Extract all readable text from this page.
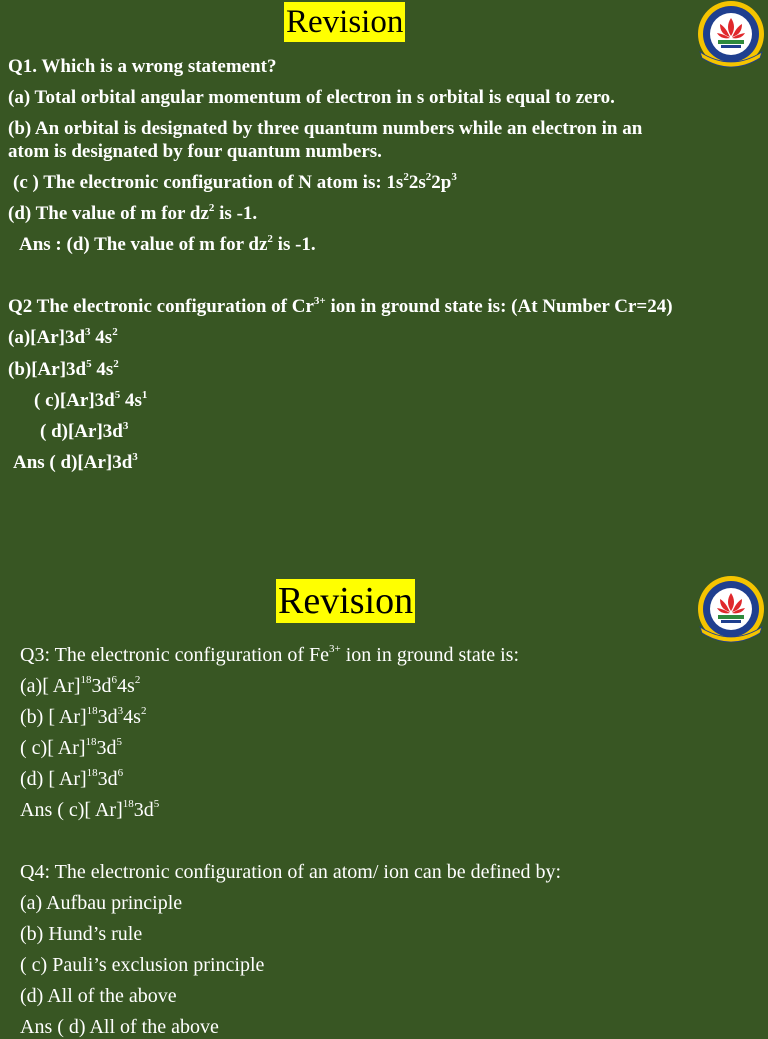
Revision
Q1. Which is a wrong statement?
(a) Total orbital angular momentum of electron in s orbital is equal to zero.
(b) An orbital is designated by three quantum numbers while an electron in an
atom is designated by four quantum numbers.
(c ) The electronic configuration of N atom is: $1s^22s^22p^3$
(d) The value of m for $dz^2$ is -1.
Ans : (d) The value of m for $dz^2$ is -1.
Q2 The electronic configuration of $Cr^{3+}$ ion in ground state is: (At Number Cr=24)
$(a)[Ar]3d^3$ $4s^2$
$(b)[Ar]3d^5$ $4s^2$
( $c)[Ar]3d^5$ $4s^1$
( $d)[Ar]3d^3$
Ans ( $d)[Ar]3d^3$
Revision
Q3: The electronic configuration of $Fe^{3+}$ ion in ground state is:
(a)[ $Ar]^{18}3d^64s^2$
(b) [ $Ar]^{18}3d^34s^2$
( c)[ $Ar]^{18}3d^5$
(d) [ $Ar]^{18}3d^6$
Ans ( c)[ $Ar]^{18}3d^5$
Q4: The electronic configuration of an atom/ ion can be defined by:
(a) Aufbau principle
(b) Hund’s rule
( c) Pauli’s exclusion principle
(d) All of the above
Ans ( d) All of the above
